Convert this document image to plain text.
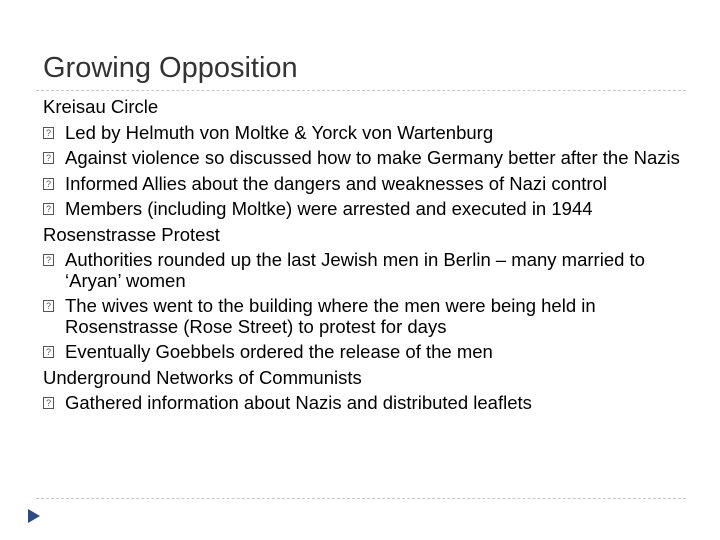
Growing Opposition
Kreisau Circle
? Led by Helmuth von Moltke & Yorck von Wartenburg
? Against violence so discussed how to make Germany better after the Nazis
? Informed Allies about the dangers and weaknesses of Nazi control
? Members (including Moltke) were arrested and executed in 1944
Rosenstrasse Protest
? Authorities rounded up the last Jewish men in Berlin – many married to ‘Aryan’ women
? The wives went to the building where the men were being held in Rosenstrasse (Rose Street) to protest for days
? Eventually Goebbels ordered the release of the men
Underground Networks of Communists
? Gathered information about Nazis and distributed leaflets
